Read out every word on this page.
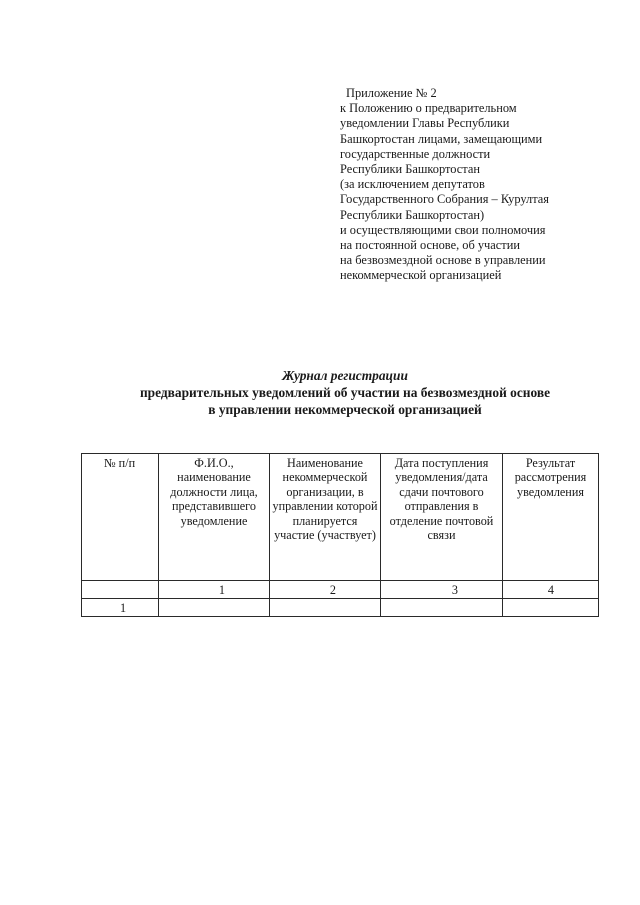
Приложение № 2
к Положению о предварительном
уведомлении Главы Республики
Башкортостан лицами, замещающими
государственные должности
Республики Башкортостан
(за исключением депутатов
Государственного Собрания – Курултая
Республики Башкортостан)
и осуществляющими свои полномочия
на постоянной основе, об участии
на безвозмездной основе в управлении
некоммерческой организацией
Журнал регистрации
предварительных уведомлений об участии на безвозмездной основе
в управлении некоммерческой организацией
№ п/п	Ф.И.О., наименование должности лица, представившего уведомление	Наименование некоммерческой организации, в управлении которой планируется участие (участвует)	Дата поступления уведомления/дата сдачи почтового отправления в отделение почтовой связи	Результат рассмотрения уведомления
	1	2	3	4
1				
